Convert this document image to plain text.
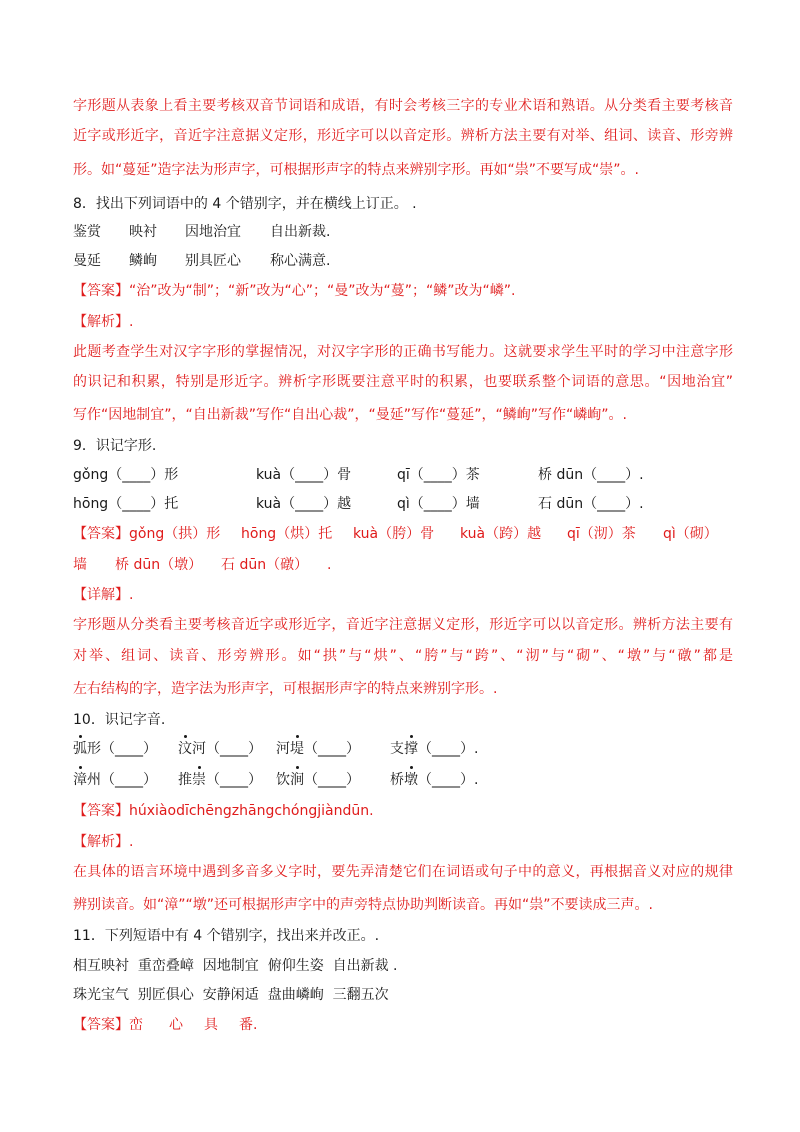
字形题从表象上看主要考核双音节词语和成语，有时会考核三字的专业术语和熟语。从分类看主要考核音
近字或形近字，音近字注意据义定形，形近字可以以音定形。辨析方法主要有对举、组词、读音、形旁辨
形。如“蔓延”造字法为形声字，可根据形声字的特点来辨别字形。再如“祟”不要写成“崇”。.
8．找出下列词语中的 4 个错别字，并在横线上订正。 .
鉴赏 映衬 因地治宜 自出新裁.
曼延 鳞峋 别具匠心 称心满意.
【答案】“治”改为“制”；“新”改为“心”；“曼”改为“蔓”；“鳞”改为“嶙”.
【解析】.
此题考查学生对汉字字形的掌握情况，对汉字字形的正确书写能力。这就要求学生平时的学习中注意字形
的识记和积累，特别是形近字。辨析字形既要注意平时的积累，也要联系整个词语的意思。“因地治宜”
写作“因地制宜”，“自出新裁”写作“自出心裁”，“曼延”写作“蔓延”，“鳞峋”写作“嶙峋”。.
9．识记字形.
gǒng（____）形	kuà（____）骨	qī（____）茶	桥 dūn（____）.
hōng（____）托	kuà（____）越	qì（____）墙	石 dūn（____）.
【答案】gǒng（拱）形 hōng（烘）托 kuà（胯）骨 kuà（跨）越 qī（沏）茶 qì（砌）
墙 桥 dūn（墩） 石 dūn（礅） .
【详解】.
字形题从分类看主要考核音近字或形近字，音近字注意据义定形，形近字可以以音定形。辨析方法主要有
对举、组词、读音、形旁辨形。如“拱”与“烘”、“胯”与“跨”、“沏”与“砌”、“墩”与“礅”都是
左右结构的字，造字法为形声字，可根据形声字的特点来辨别字形。.
10．识记字音.
弧形（____） 汶河（____） 河堤（____） 支撑（____）.
漳州（____） 推崇（____） 饮涧（____） 桥墩（____）.
【答案】húxiàodīchēngzhāngchóngjiàndūn.
【解析】.
在具体的语言环境中遇到多音多义字时，要先弄清楚它们在词语或句子中的意义，再根据音义对应的规律
辨别读音。如“漳”“墩”还可根据形声字中的声旁特点协助判断读音。再如“祟”不要读成三声。.
11．下列短语中有 4 个错别字，找出来并改正。.
相互映衬  重峦叠嶂  因地制宜  俯仰生姿  自出新裁 .
珠光宝气  别匠俱心  安静闲适  盘曲嶙峋  三翻五次
【答案】峦 心 具 番.
